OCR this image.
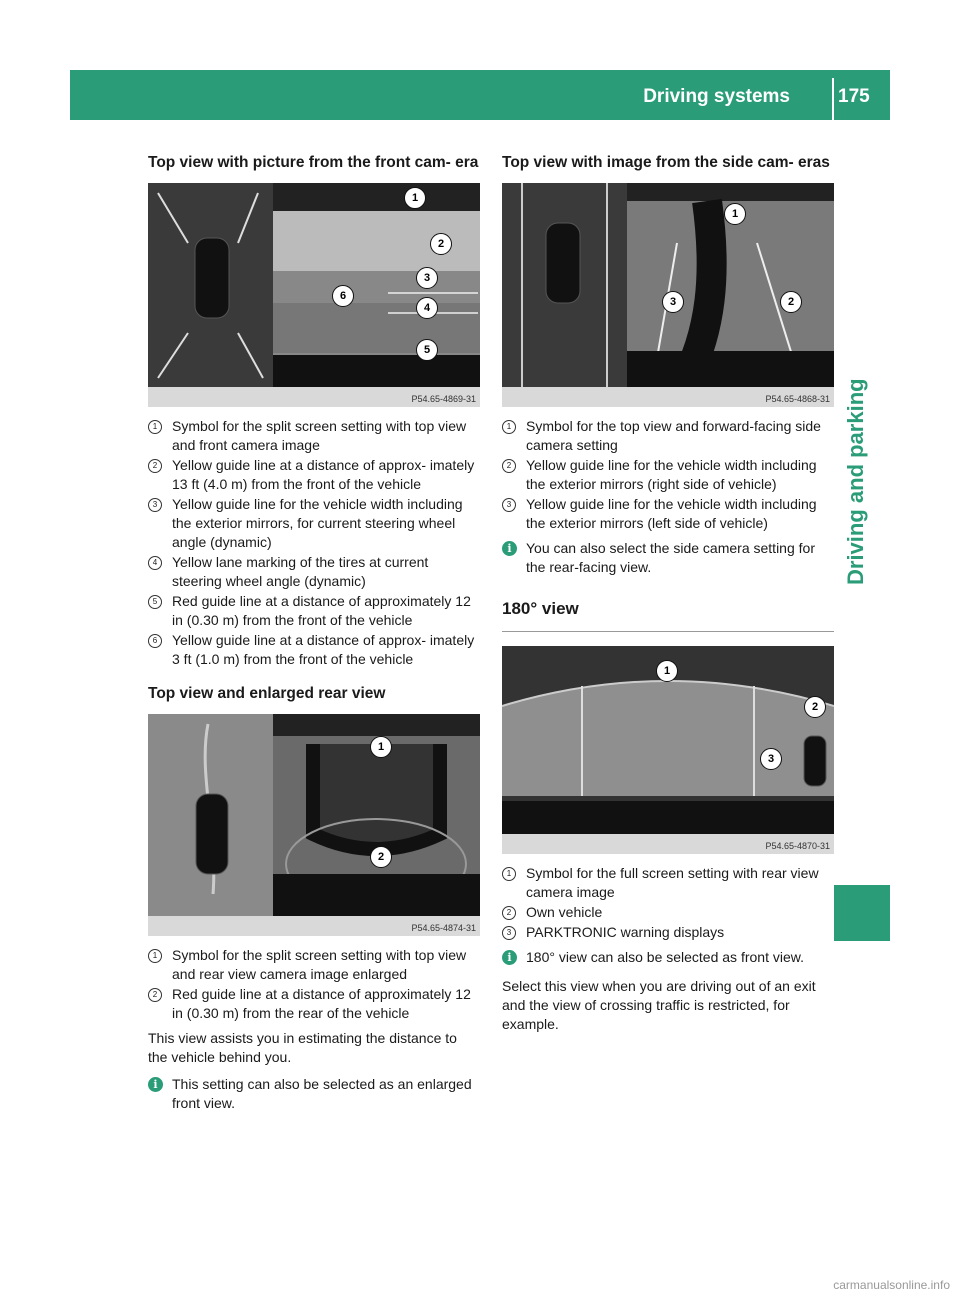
Driving systems	175
Driving and parking
Top view with picture from the front cam- era
1
2
3
4
5
6
P54.65-4869-31
1	Symbol for the split screen setting with top view and front camera image
2	Yellow guide line at a distance of approx- imately 13 ft (4.0 m) from the front of the vehicle
3	Yellow guide line for the vehicle width including the exterior mirrors, for current steering wheel angle (dynamic)
4	Yellow lane marking of the tires at current steering wheel angle (dynamic)
5	Red guide line at a distance of approximately 12 in (0.30 m) from the front of the vehicle
6	Yellow guide line at a distance of approx- imately 3 ft (1.0 m) from the front of the vehicle
Top view and enlarged rear view
1
2
P54.65-4874-31
1	Symbol for the split screen setting with top view and rear view camera image enlarged
2	Red guide line at a distance of approximately 12 in (0.30 m) from the rear of the vehicle

This view assists you in estimating the distance to the vehicle behind you.

i	This setting can also be selected as an enlarged front view.
Top view with image from the side cam- eras
1
2
3
P54.65-4868-31
1	Symbol for the top view and forward-facing side camera setting
2	Yellow guide line for the vehicle width including the exterior mirrors (right side of vehicle)
3	Yellow guide line for the vehicle width including the exterior mirrors (left side of vehicle)
i	You can also select the side camera setting for the rear-facing view.
180° view
1
2
3
P54.65-4870-31
1	Symbol for the full screen setting with rear view camera image
2	Own vehicle
3	PARKTRONIC warning displays
i	180° view can also be selected as front view.

Select this view when you are driving out of an exit and the view of crossing traffic is restricted, for example.

carmanualsonline.info
